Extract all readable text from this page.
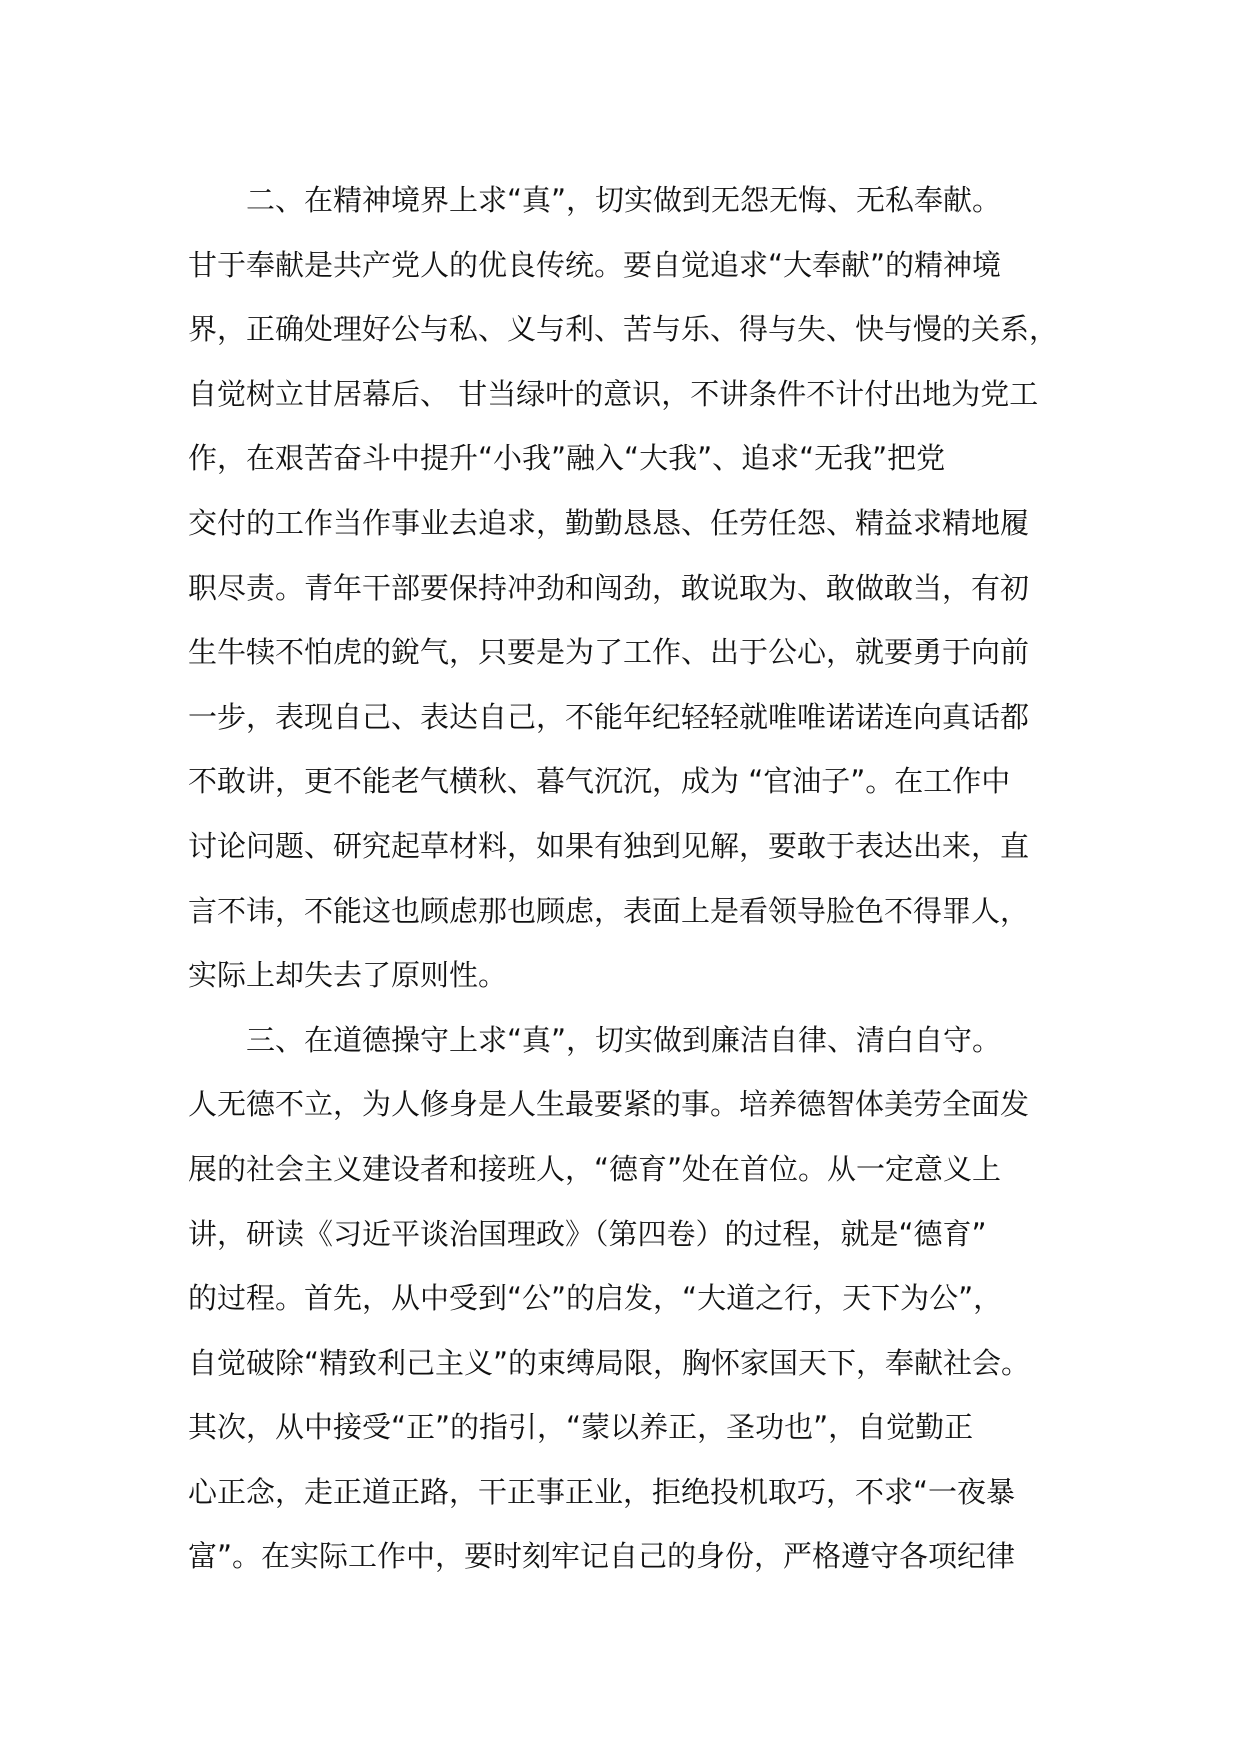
二、在精神境界上求“真”，切实做到无怨无悔、无私奉献。
甘于奉献是共产党人的优良传统。要自觉追求“大奉献”的精神境
界，正确处理好公与私、义与利、苦与乐、得与失、快与慢的关系，
自觉树立甘居幕后、 甘当绿叶的意识，不讲条件不计付出地为党工
作，在艰苦奋斗中提升“小我”融入“大我”、追求“无我”把党
交付的工作当作事业去追求，勤勤恳恳、任劳任怨、精益求精地履
职尽责。青年干部要保持冲劲和闯劲，敢说取为、敢做敢当，有初
生牛犊不怕虎的銳气，只要是为了工作、出于公心，就要勇于向前
一步，表现自己、表达自己，不能年纪轻轻就唯唯诺诺连向真话都
不敢讲，更不能老气横秋、暮气沉沉，成为 “官油子”。在工作中
讨论问题、研究起草材料，如果有独到见解，要敢于表达出来，直
言不讳，不能这也顾虑那也顾虑，表面上是看领导脸色不得罪人，
实际上却失去了原则性。
三、在道德操守上求“真”，切实做到廉洁自律、清白自守。
人无德不立，为人修身是人生最要紧的事。培养德智体美劳全面发
展的社会主义建设者和接班人，“德育”处在首位。从一定意义上
讲，研读《习近平谈治国理政》（第四卷）的过程，就是“德育”
的过程。首先，从中受到“公”的启发，“大道之行，天下为公”，
自觉破除“精致利己主义”的束缚局限，胸怀家国天下，奉献社会。
其次，从中接受“正”的指引，“蒙以养正，圣功也”，自觉勤正
心正念，走正道正路，干正事正业，拒绝投机取巧，不求“一夜暴
富”。在实际工作中，要时刻牢记自己的身份，严格遵守各项纪律
